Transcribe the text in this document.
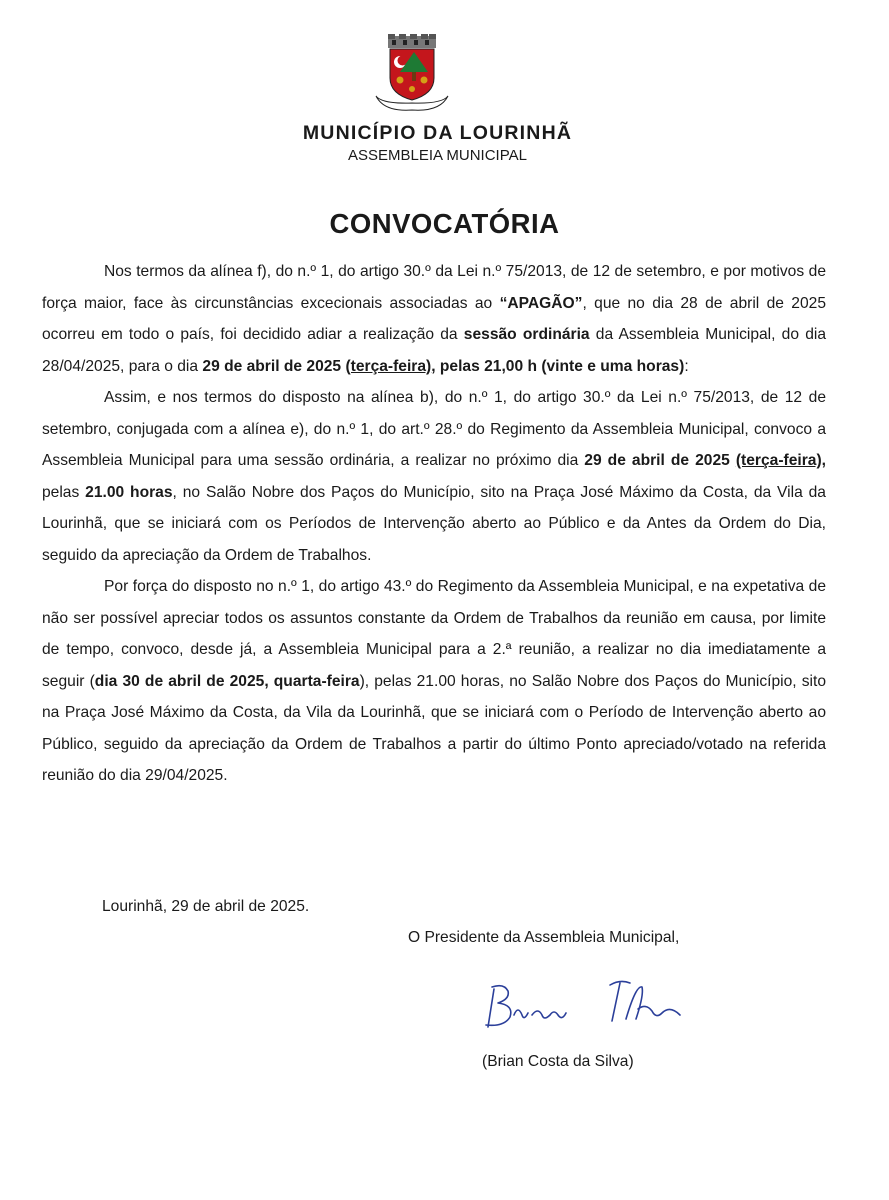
MUNICÍPIO DA LOURINHÃ
ASSEMBLEIA MUNICIPAL
CONVOCATÓRIA

Nos termos da alínea f), do n.º 1, do artigo 30.º da Lei n.º 75/2013, de 12 de setembro, e por motivos de força maior, face às circunstâncias excecionais associadas ao “APAGÃO”, que no dia 28 de abril de 2025 ocorreu em todo o país, foi decidido adiar a realização da sessão ordinária da Assembleia Municipal, do dia 28/04/2025, para o dia 29 de abril de 2025 (terça-feira), pelas 21,00 h (vinte e uma horas):

Assim, e nos termos do disposto na alínea b), do n.º 1, do artigo 30.º da Lei n.º 75/2013, de 12 de setembro, conjugada com a alínea e), do n.º 1, do art.º 28.º do Regimento da Assembleia Municipal, convoco a Assembleia Municipal para uma sessão ordinária, a realizar no próximo dia 29 de abril de 2025 (terça-feira), pelas 21.00 horas, no Salão Nobre dos Paços do Município, sito na Praça José Máximo da Costa, da Vila da Lourinhã, que se iniciará com os Períodos de Intervenção aberto ao Público e da Antes da Ordem do Dia, seguido da apreciação da Ordem de Trabalhos.

Por força do disposto no n.º 1, do artigo 43.º do Regimento da Assembleia Municipal, e na expetativa de não ser possível apreciar todos os assuntos constante da Ordem de Trabalhos da reunião em causa, por limite de tempo, convoco, desde já, a Assembleia Municipal para a 2.ª reunião, a realizar no dia imediatamente a seguir (dia 30 de abril de 2025, quarta-feira), pelas 21.00 horas, no Salão Nobre dos Paços do Município, sito na Praça José Máximo da Costa, da Vila da Lourinhã, que se iniciará com o Período de Intervenção aberto ao Público, seguido da apreciação da Ordem de Trabalhos a partir do último Ponto apreciado/votado na referida reunião do dia 29/04/2025.

Lourinhã, 29 de abril de 2025.
O Presidente da Assembleia Municipal,
(Brian Costa da Silva)
